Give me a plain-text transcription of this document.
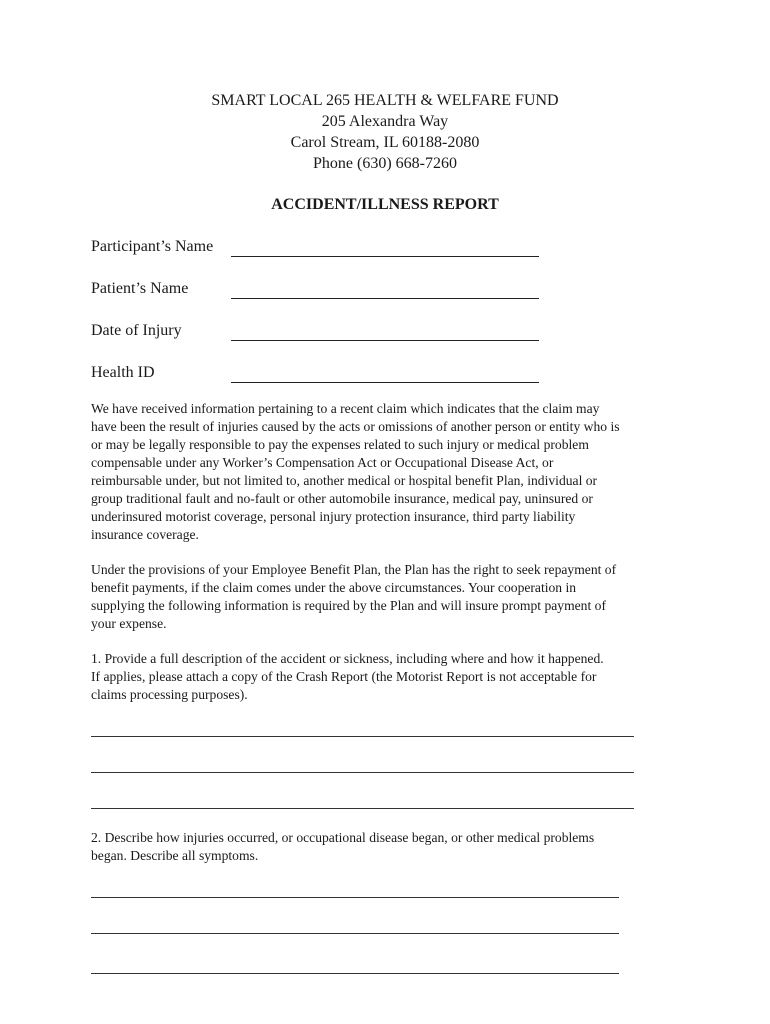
SMART LOCAL 265 HEALTH & WELFARE FUND
205 Alexandra Way
Carol Stream, IL 60188-2080
Phone (630) 668-7260
ACCIDENT/ILLNESS REPORT
Participant’s Name
Patient’s Name
Date of Injury
Health ID
We have received information pertaining to a recent claim which indicates that the claim may
have been the result of injuries caused by the acts or omissions of another person or entity who is
or may be legally responsible to pay the expenses related to such injury or medical problem
compensable under any Worker’s Compensation Act or Occupational Disease Act, or
reimbursable under, but not limited to, another medical or hospital benefit Plan, individual or
group traditional fault and no-fault or other automobile insurance, medical pay, uninsured or
underinsured motorist coverage, personal injury protection insurance, third party liability
insurance coverage.
Under the provisions of your Employee Benefit Plan, the Plan has the right to seek repayment of
benefit payments, if the claim comes under the above circumstances. Your cooperation in
supplying the following information is required by the Plan and will insure prompt payment of
your expense.
1. Provide a full description of the accident or sickness, including where and how it happened.
If applies, please attach a copy of the Crash Report (the Motorist Report is not acceptable for
claims processing purposes).
2. Describe how injuries occurred, or occupational disease began, or other medical problems
began. Describe all symptoms.
